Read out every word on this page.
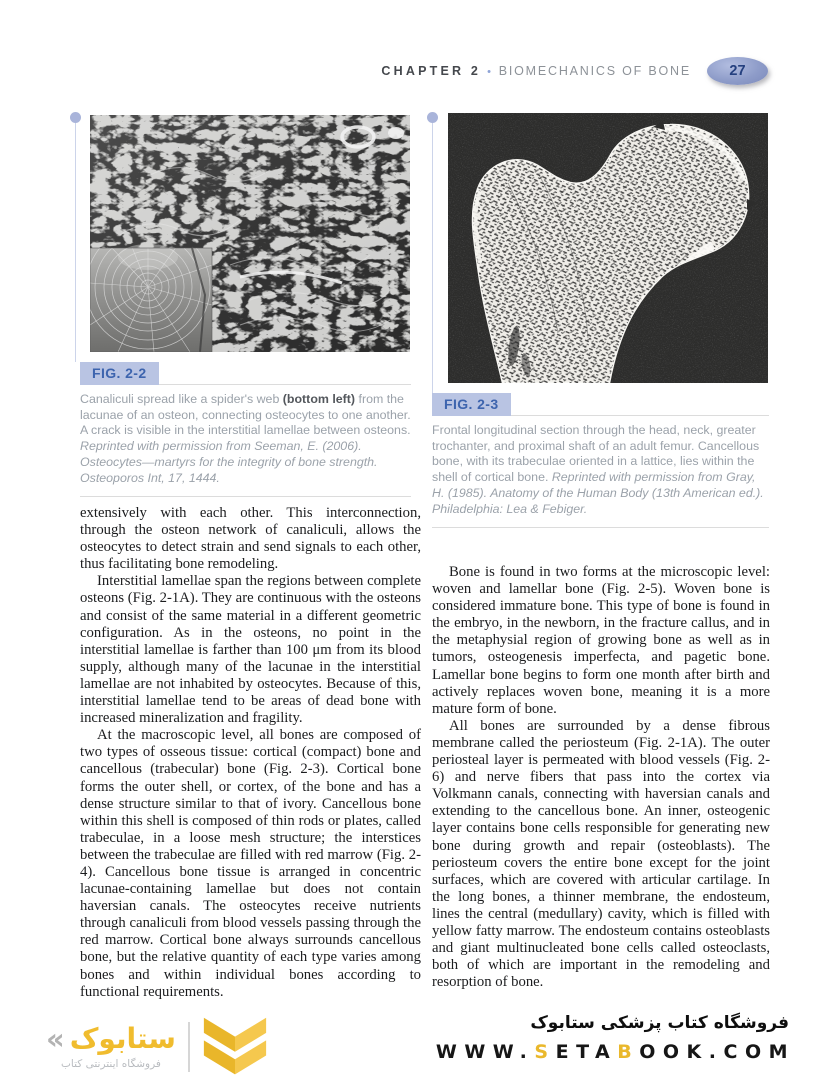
CHAPTER 2 • BIOMECHANICS OF BONE	27
FIG. 2-2
Canaliculi spread like a spider's web (bottom left) from the lacunae of an osteon, connecting osteocytes to one another. A crack is visible in the interstitial lamellae between osteons. Reprinted with permission from Seeman, E. (2006). Osteocytes—martyrs for the integrity of bone strength. Osteoporos Int, 17, 1444.
FIG. 2-3
Frontal longitudinal section through the head, neck, greater trochanter, and proximal shaft of an adult femur. Cancellous bone, with its trabeculae oriented in a lattice, lies within the shell of cortical bone. Reprinted with permission from Gray, H. (1985). Anatomy of the Human Body (13th American ed.). Philadelphia: Lea & Febiger.

extensively with each other. This interconnection, through the osteon network of canaliculi, allows the osteocytes to detect strain and send signals to each other, thus facilitating bone remodeling.

Interstitial lamellae span the regions between complete osteons (Fig. 2-1A). They are continuous with the osteons and consist of the same material in a different geometric configuration. As in the osteons, no point in the interstitial lamellae is farther than 100 μm from its blood supply, although many of the lacunae in the interstitial lamellae are not inhabited by osteocytes. Because of this, interstitial lamellae tend to be areas of dead bone with increased mineralization and fragility.

At the macroscopic level, all bones are composed of two types of osseous tissue: cortical (compact) bone and cancellous (trabecular) bone (Fig. 2-3). Cortical bone forms the outer shell, or cortex, of the bone and has a dense structure similar to that of ivory. Cancellous bone within this shell is composed of thin rods or plates, called trabeculae, in a loose mesh structure; the interstices between the trabeculae are filled with red marrow (Fig. 2-4). Cancellous bone tissue is arranged in concentric lacunae-containing lamellae but does not contain haversian canals. The osteocytes receive nutrients through canaliculi from blood vessels passing through the red marrow. Cortical bone always surrounds cancellous bone, but the relative quantity of each type varies among bones and within individual bones according to functional requirements.

Bone is found in two forms at the microscopic level: woven and lamellar bone (Fig. 2-5). Woven bone is considered immature bone. This type of bone is found in the embryo, in the newborn, in the fracture callus, and in the metaphysial region of growing bone as well as in tumors, osteogenesis imperfecta, and pagetic bone. Lamellar bone begins to form one month after birth and actively replaces woven bone, meaning it is a more mature form of bone.

All bones are surrounded by a dense fibrous membrane called the periosteum (Fig. 2-1A). The outer periosteal layer is permeated with blood vessels (Fig. 2-6) and nerve fibers that pass into the cortex via Volkmann canals, connecting with haversian canals and extending to the cancellous bone. An inner, osteogenic layer contains bone cells responsible for generating new bone during growth and repair (osteoblasts). The periosteum covers the entire bone except for the joint surfaces, which are covered with articular cartilage. In the long bones, a thinner membrane, the endosteum, lines the central (medullary) cavity, which is filled with yellow fatty marrow. The endosteum contains osteoblasts and giant multinucleated bone cells called osteoclasts, both of which are important in the remodeling and resorption of bone.

فروشگاه کتاب پزشکی ستابوک
WWW.SETABOOK.COM
« ستابوک
فروشگاه اینترنتی کتاب
